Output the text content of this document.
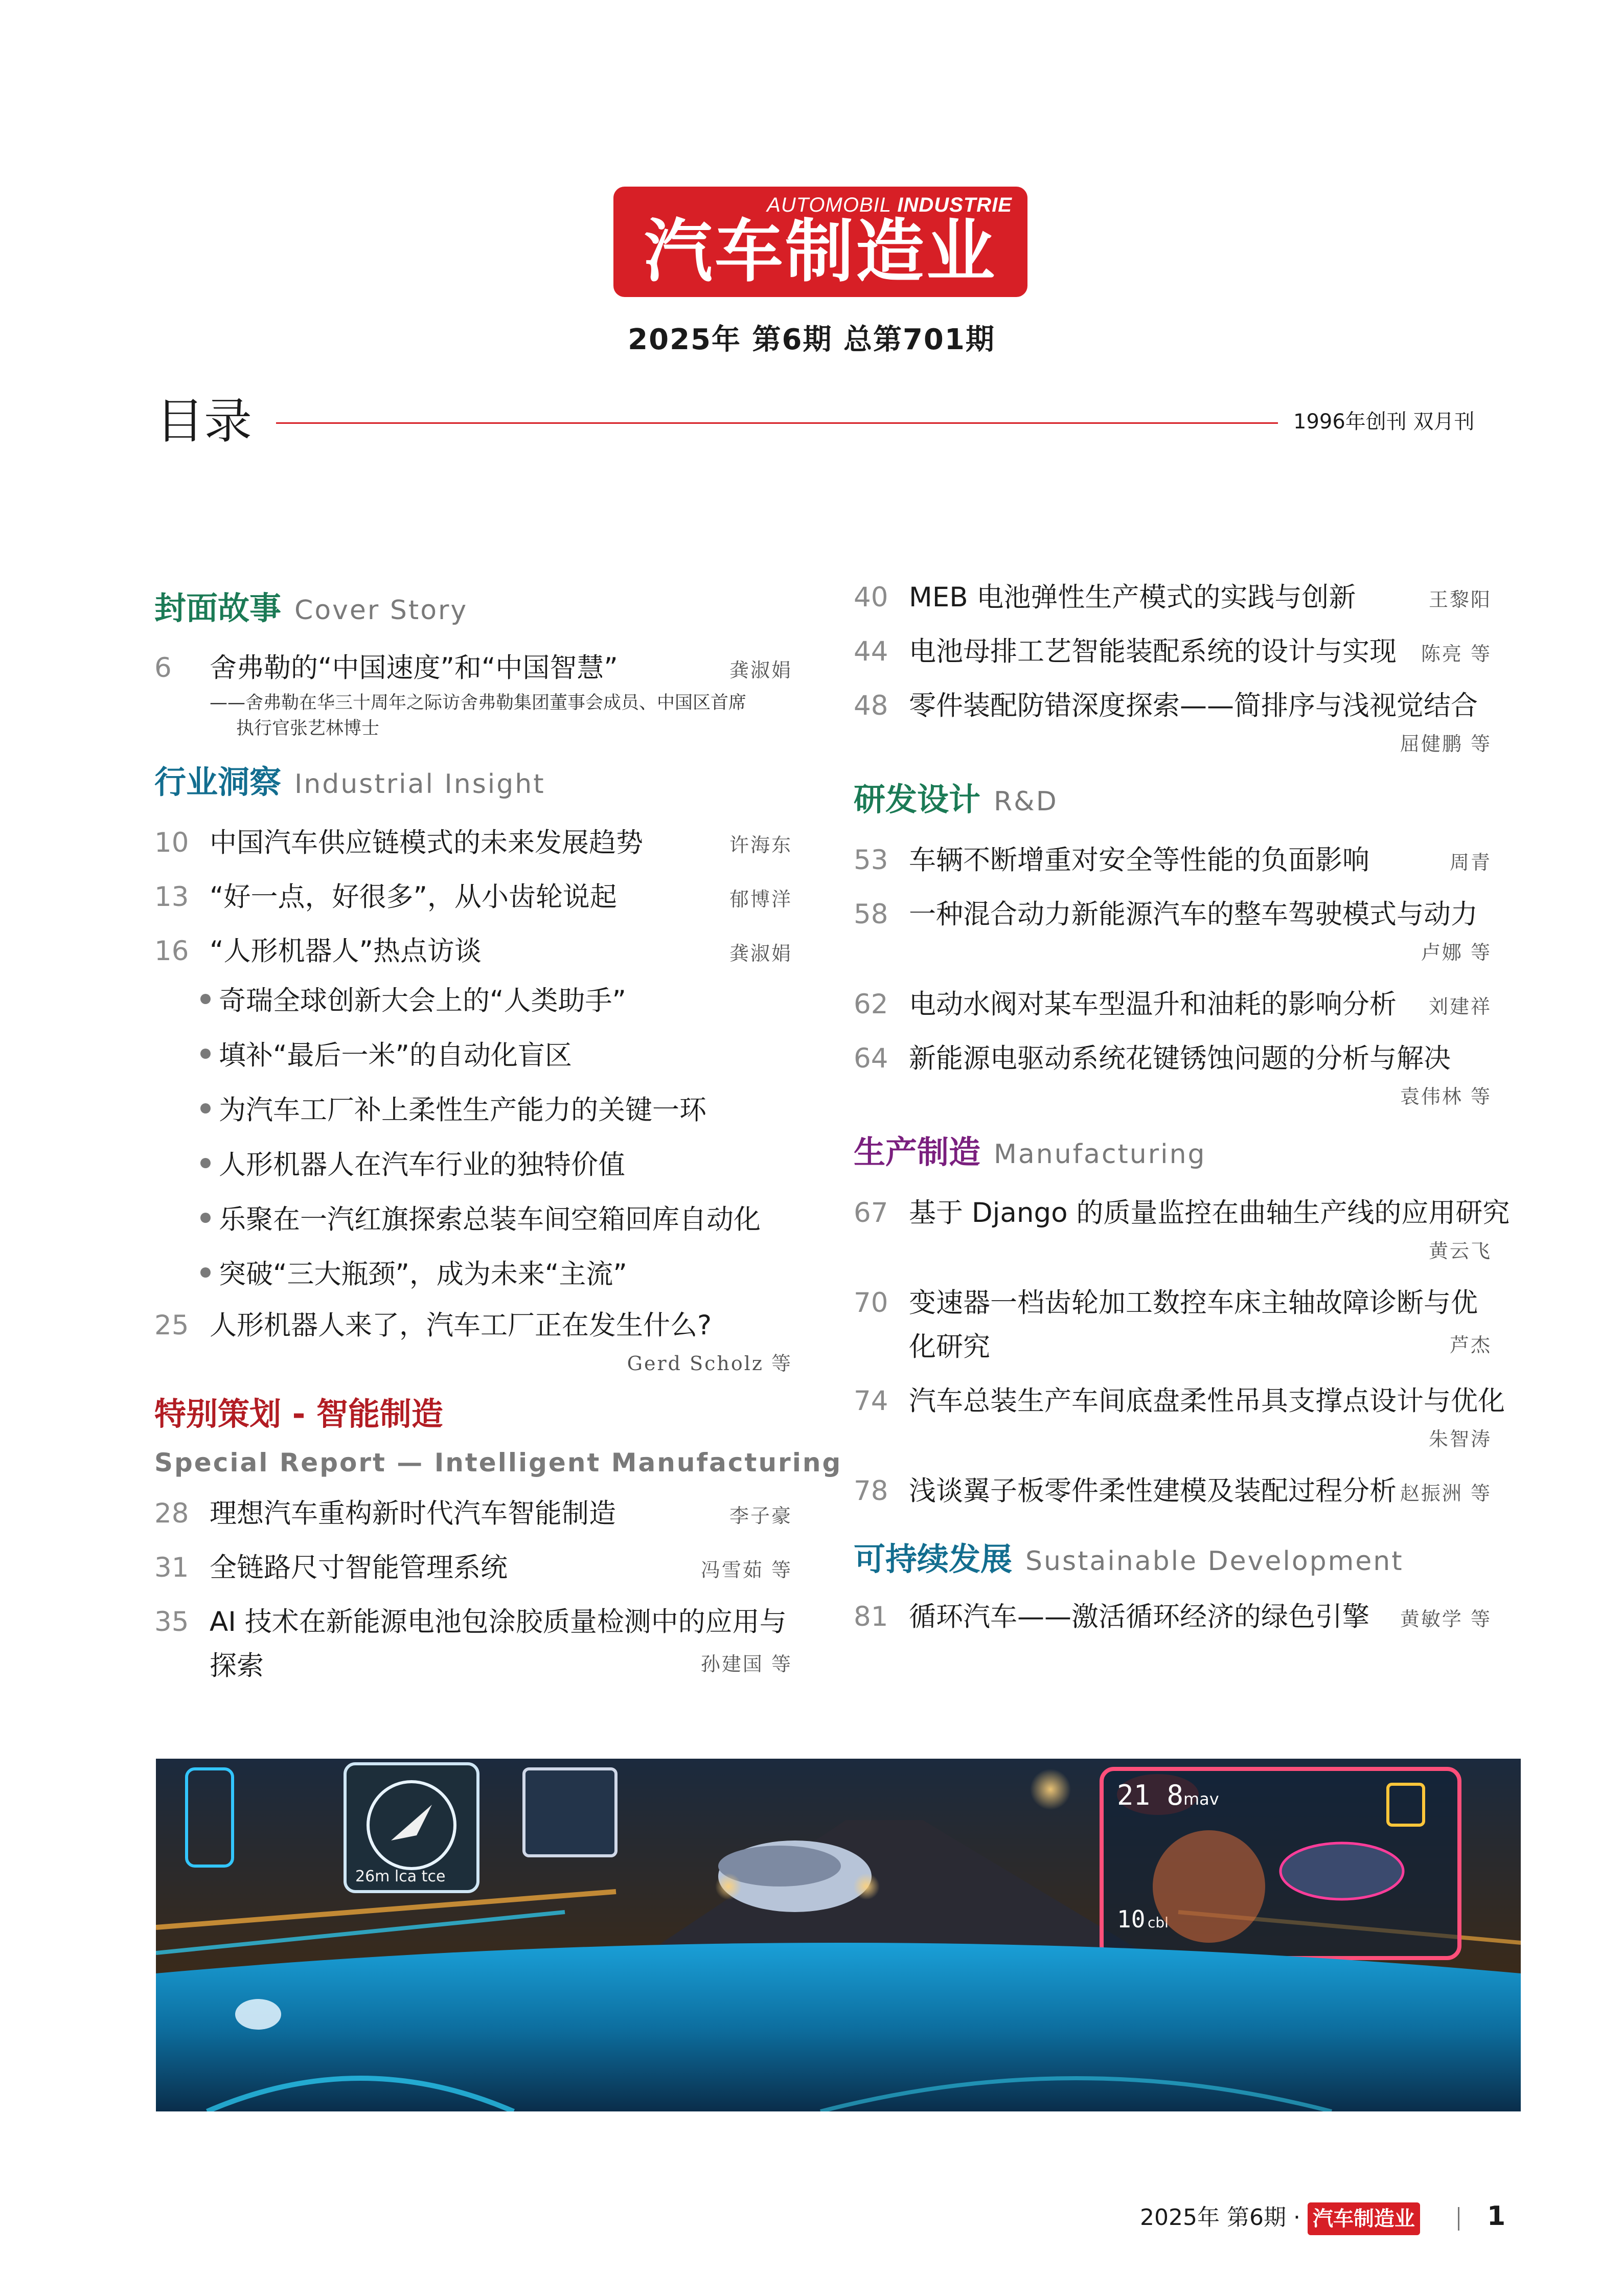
AUTOMOBIL INDUSTRIE
汽车制造业
2025年 第6期 总第701期
目录	1996年创刊 双月刊
封面故事 Cover Story
6 舍弗勒的“中国速度”和“中国智慧”	龚淑娟
——舍弗勒在华三十周年之际访舍弗勒集团董事会成员、中国区首席
执行官张艺林博士
行业洞察 Industrial Insight
10 中国汽车供应链模式的未来发展趋势	许海东
13 “好一点，好很多”，从小齿轮说起	郁博洋
16 “人形机器人”热点访谈	龚淑娟
奇瑞全球创新大会上的“人类助手”
填补“最后一米”的自动化盲区
为汽车工厂补上柔性生产能力的关键一环
人形机器人在汽车行业的独特价值
乐聚在一汽红旗探索总装车间空箱回库自动化
突破“三大瓶颈”，成为未来“主流”
25 人形机器人来了，汽车工厂正在发生什么?
Gerd Scholz 等
特别策划 - 智能制造
Special Report — Intelligent Manufacturing
28 理想汽车重构新时代汽车智能制造	李子豪
31 全链路尺寸智能管理系统	冯雪茹 等
35 AI 技术在新能源电池包涂胶质量检测中的应用与
探索	孙建国 等
40 MEB 电池弹性生产模式的实践与创新	王黎阳
44 电池母排工艺智能装配系统的设计与实现 陈亮 等
48 零件装配防错深度探索——简排序与浅视觉结合
屈健鹏 等
研发设计 R&D
53 车辆不断增重对安全等性能的负面影响	周青
58 一种混合动力新能源汽车的整车驾驶模式与动力
卢娜 等
62 电动水阀对某车型温升和油耗的影响分析 刘建祥
64 新能源电驱动系统花键锈蚀问题的分析与解决
袁伟林 等
生产制造 Manufacturing
67 基于 Django 的质量监控在曲轴生产线的应用研究
黄云飞
70 变速器一档齿轮加工数控车床主轴故障诊断与优
化研究	芦杰
74 汽车总装生产车间底盘柔性吊具支撑点设计与优化
朱智涛
78 浅谈翼子板零件柔性建模及装配过程分析 赵振洲 等
可持续发展 Sustainable Development
81 循环汽车——激活循环经济的绿色引擎 黄敏学 等
26m lca tce
21 8 mav
10 cbl
2025年 第6期 · 汽车制造业	1
